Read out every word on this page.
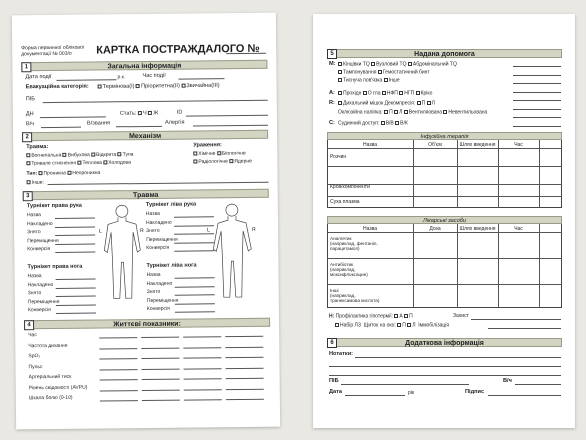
Форма первинної облікової
документації № 003/о	КАРТКА ПОСТРАЖДАЛОГО №
1	Загальна інформація
Дата події	р.к.	Час події
Евакуаційна категорія:	Термінова(I) Пріоритетна(II) Звичайна(III)
ПІБ
ДН	Стать: Ч Ж	ID
В/ч	В/звання	Алергія
2	Механізм
Травма:
Вогнепальна Вибухова Відкрита Тупа
Тривале стиснення Теплова Холодова
Ураження:
Хімічне Біологічне
Радіологічне Ядерне
Тип: Проникна Непроникна
Інше:
3	Травма
Турнікет права рука	Турнікет ліва рука
Турнікет права нога	Турнікет ліва нога
L	R	L	R
4	Життєві показники:
Назва
Накладено
Знято
Переміщення
Конверсія
Назва
Накладено
Знято
Переміщення
Конверсія
Назва
Накладено
Знято
Переміщення
Конверсія
Назва
Накладено
Знято
Переміщення
Конверсія
Час
Частота дихання
SpO₂
Пульс
Артеріальний тиск
Рівень свідомості (AVPU)
Шкала болю (0-10)
5	Надана допомога
М:	Кінцівки ТQ Вузловий ТQ Абдомінальний ТQ
Тампонування Гемостатичний бинт
Тиснуча пов'язка Інше
A:	Прохідн О гла НФП НГП Кріко
R:	Дихальний мішок Декомпресія: П Л
Оклюзійна наліпка: П Л Вентиляована Невентильована
C: Судинний доступ: В/В В/К
Інфузійна терапія
Лікарські засоби
Н: Профілактика гіпотермії: А П	Захист
Набір ЛЗ Щиток на око: П Л Іммобілізація
6	Додаткова інформація
Нотатки:
ПІБ	В/ч
Дата	рік	Підпис
Назва	Об'єм	Шлях введення	Час
Розчин
Кров/компоненти
Суха плазма
Назва	Доза	Шлях введення	Час
Аналгетик
(наприклад, фентаніл,
парацетамол)
Антибіотик
(наприклад,
моксифлоксацин)
Інші
(наприклад,
транексамова кислота)
